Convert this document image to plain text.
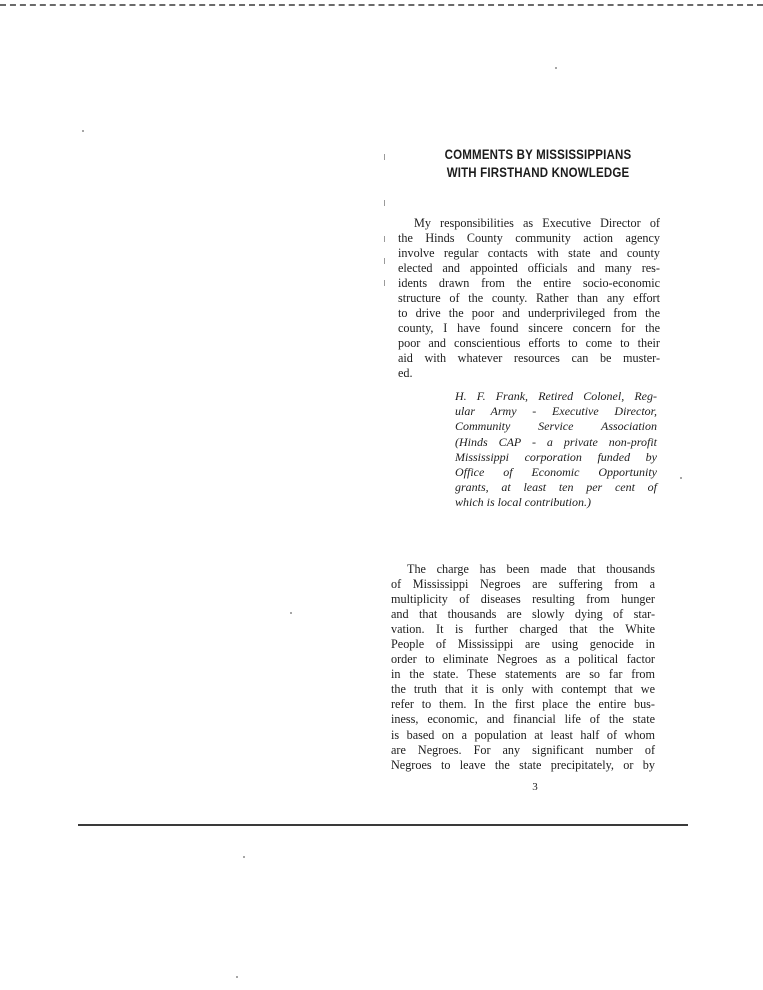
COMMENTS BY MISSISSIPPIANS
WITH FIRSTHAND KNOWLEDGE

My responsibilities as Executive Director of
the Hinds County community action agency
involve regular contacts with state and county
elected and appointed officials and many res-
idents drawn from the entire socio-economic
structure of the county. Rather than any effort
to drive the poor and underprivileged from the
county, I have found sincere concern for the
poor and conscientious efforts to come to their
aid with whatever resources can be muster-
ed.

H. F. Frank, Retired Colonel, Reg-
ular Army - Executive Director,
Community Service Association
(Hinds CAP - a private non-profit
Mississippi corporation funded by
Office of Economic Opportunity
grants, at least ten per cent of
which is local contribution.)

The charge has been made that thousands
of Mississippi Negroes are suffering from a
multiplicity of diseases resulting from hunger
and that thousands are slowly dying of star-
vation. It is further charged that the White
People of Mississippi are using genocide in
order to eliminate Negroes as a political factor
in the state. These statements are so far from
the truth that it is only with contempt that we
refer to them. In the first place the entire bus-
iness, economic, and financial life of the state
is based on a population at least half of whom
are Negroes. For any significant number of
Negroes to leave the state precipitately, or by

3
